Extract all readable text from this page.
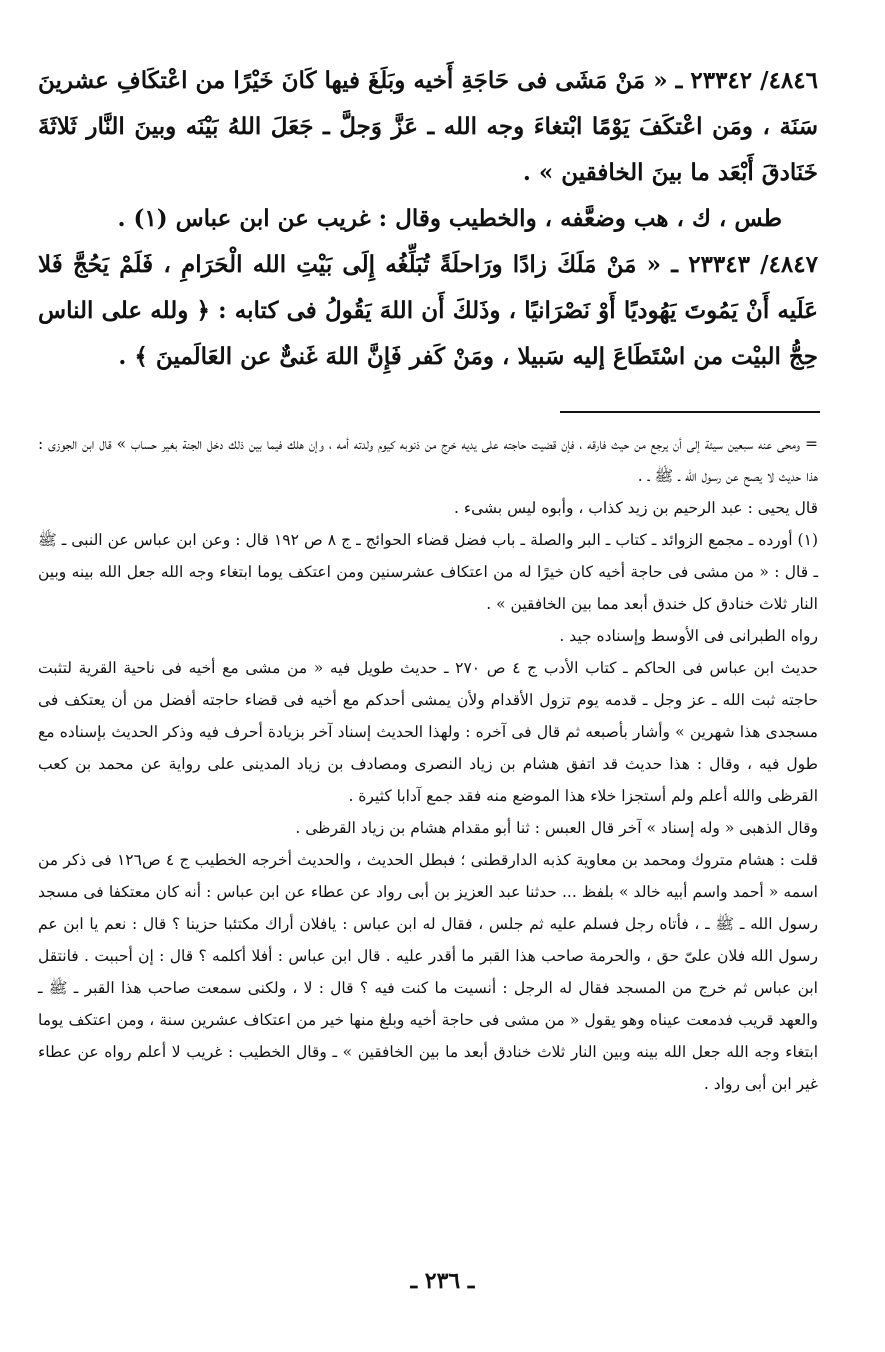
٤٨٤٦/ ٢٣٣٤٢ ـ « مَنْ مَشَى فى حَاجَةِ أَخيه وبَلَغَ فيها كَانَ خَيْرًا من اعْتكَافِ عشرينَ سَنَة ، ومَن اعْتكَفَ يَوْمًا ابْتغاءَ وجه الله ـ عَزَّ وَجلَّ ـ جَعَلَ اللهُ بَيْنَه وبينَ النَّار ثَلاثَةَ خَنَادقَ أَبْعَد ما بينَ الخافقين » .

طس ، ك ، هب وضعَّفه ، والخطيب وقال : غريب عن ابن عباس (١) .

٤٨٤٧/ ٢٣٣٤٣ ـ « مَنْ مَلَكَ زادًا ورَاحلَةً تُبَلِّغُه إِلَى بَيْتِ الله الْحَرَامِ ، فَلَمْ يَحُجَّ فَلا عَلَيه أَنْ يَمُوتَ يَهُوديًا أَوْ نَصْرَانيًا ، وذَلكَ أَن اللهَ يَقُولُ فى كتابه : ﴿ ولله على الناس حِجُّ البيْت من اسْتَطَاعَ إليه سَبيلا ، ومَنْ كَفر فَإِنَّ اللهَ غَنىٌّ عن العَالَمينَ ﴾ .

= ومحى عنه سبعين سيئة إلى أن يرجع من حيث فارقه ، فإن قضيت حاجته على يديه خرج من ذنوبه كيوم ولدته أمه ، وإن هلك فيما بين ذلك دخل الجنة بغير حساب » قال ابن الجوزى : هذا حديث لا يصح عن رسول الله ـ ﷺ ـ .

قال يحيى : عبد الرحيم بن زيد كذاب ، وأبوه ليس بشىء .

(١) أورده ـ مجمع الزوائد ـ كتاب ـ البر والصلة ـ باب فضل قضاء الحوائج ـ ج ٨ ص ١٩٢ قال : وعن ابن عباس عن النبى ـ ﷺ ـ قال : « من مشى فى حاجة أخيه كان خيرًا له من اعتكاف عشرسنين ومن اعتكف يوما ابتغاء وجه الله جعل الله بينه وبين النار ثلاث خنادق كل خندق أبعد مما بين الخافقين » .

رواه الطبرانى فى الأوسط وإسناده جيد .

حديث ابن عباس فى الحاكم ـ كتاب الأدب ج ٤ ص ٢٧٠ ـ حديث طويل فيه « من مشى مع أخيه فى ناحية القرية لتثبت حاجته ثبت الله ـ عز وجل ـ قدمه يوم تزول الأقدام ولأن يمشى أحدكم مع أخيه فى قضاء حاجته أفضل من أن يعتكف فى مسجدى هذا شهرين » وأشار بأصبعه ثم قال فى آخره : ولهذا الحديث إسناد آخر بزيادة أحرف فيه وذكر الحديث بإسناده مع طول فيه ، وقال : هذا حديث قد اتفق هشام بن زياد النصرى ومصادف بن زياد المدينى على رواية عن محمد بن كعب القرظى والله أعلم ولم أستجزا خلاء هذا الموضع منه فقد جمع آدابا كثيرة .

وقال الذهبى « وله إسناد » آخر قال العبس : ثنا أبو مقدام هشام بن زياد القرظى .

قلت : هشام متروك ومحمد بن معاوية كذبه الدارقطنى ؛ فبطل الحديث ، والحديث أخرجه الخطيب ج ٤ ص١٢٦ فى ذكر من اسمه « أحمد واسم أبيه خالد » بلفظ ... حدثنا عبد العزيز بن أبى رواد عن عطاء عن ابن عباس : أنه كان معتكفا فى مسجد رسول الله ـ ﷺ ـ ، فأتاه رجل فسلم عليه ثم جلس ، فقال له ابن عباس : يافلان أراك مكتئبا حزينا ؟ قال : نعم يا ابن عم رسول الله فلان علىّ حق ، والحرمة صاحب هذا القبر ما أقدر عليه . قال ابن عباس : أفلا أكلمه ؟ قال : إن أحببت . فانتقل ابن عباس ثم خرج من المسجد فقال له الرجل : أنسيت ما كنت فيه ؟ قال : لا ، ولكنى سمعت صاحب هذا القبر ـ ﷺ ـ والعهد قريب فدمعت عيناه وهو يقول « من مشى فى حاجة أخيه وبلغ منها خير من اعتكاف عشرين سنة ، ومن اعتكف يوما ابتغاء وجه الله جعل الله بينه وبين النار ثلاث خنادق أبعد ما بين الخافقين » ـ وقال الخطيب : غريب لا أعلم رواه عن عطاء غير ابن أبى رواد .

ـ ٢٣٦ ـ
